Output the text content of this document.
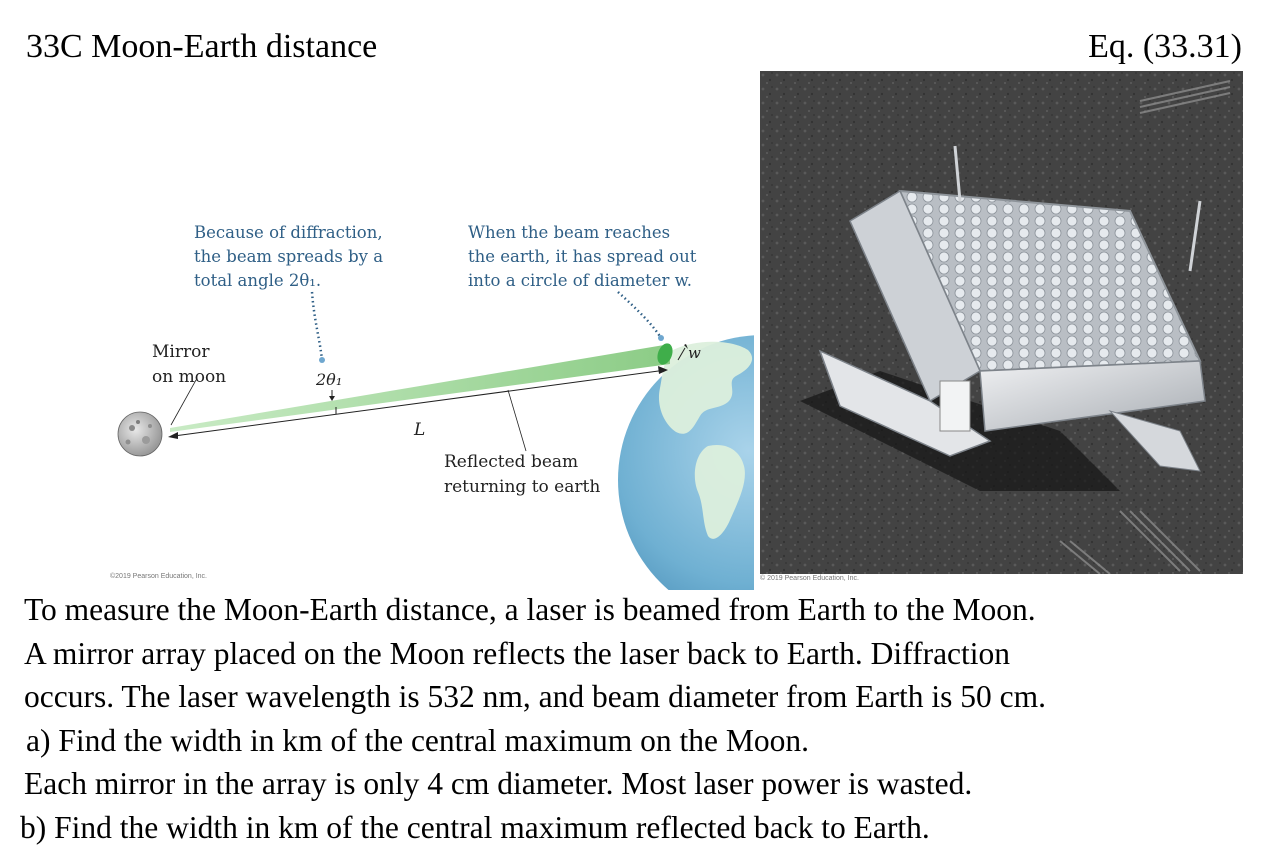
33C Moon-Earth distance	Eq. (33.31)
Because of diffraction,
the beam spreads by a
total angle 2θ₁.
When the beam reaches
the earth, it has spread out
into a circle of diameter w.
Mirror
on moon	2θ₁
L
w
Reflected beam
returning to earth
©2019 Pearson Education, Inc.	© 2019 Pearson Education, Inc.
To measure the Moon-Earth distance, a laser is beamed from Earth to the Moon.
A mirror array placed on the Moon reflects the laser back to Earth. Diffraction
occurs. The laser wavelength is 532 nm, and beam diameter from Earth is 50 cm.
a) Find the width in km of the central maximum on the Moon.
Each mirror in the array is only 4 cm diameter. Most laser power is wasted.
b) Find the width in km of the central maximum reflected back to Earth.
